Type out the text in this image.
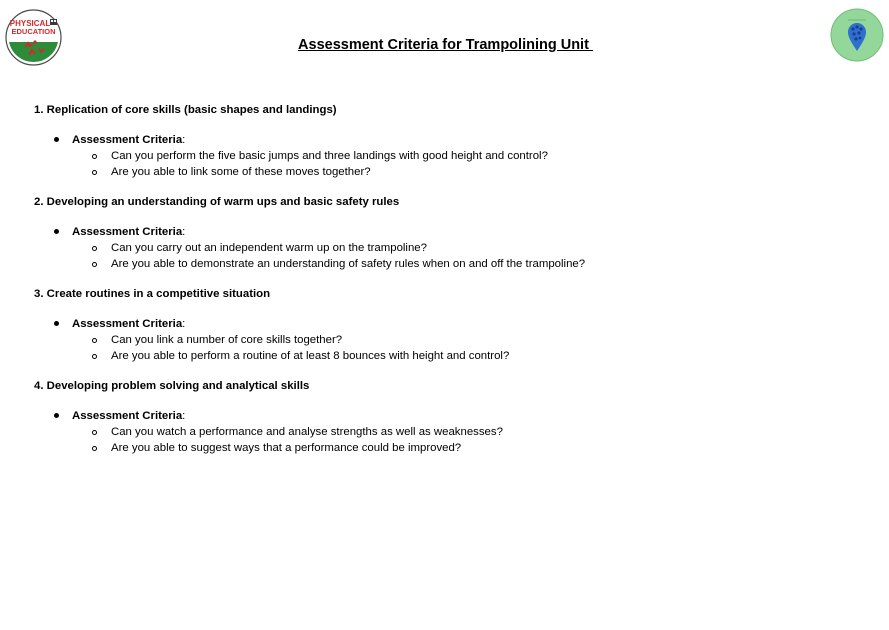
PHYSICAL
EDUCATION
Assessment Criteria for Trampolining Unit
1. Replication of core skills (basic shapes and landings)
Assessment Criteria:
Can you perform the five basic jumps and three landings with good height and control?
Are you able to link some of these moves together?
2. Developing an understanding of warm ups and basic safety rules
Assessment Criteria:
Can you carry out an independent warm up on the trampoline?
Are you able to demonstrate an understanding of safety rules when on and off the trampoline?
3. Create routines in a competitive situation
Assessment Criteria:
Can you link a number of core skills together?
Are you able to perform a routine of at least 8 bounces with height and control?
4. Developing problem solving and analytical skills
Assessment Criteria:
Can you watch a performance and analyse strengths as well as weaknesses?
Are you able to suggest ways that a performance could be improved?
